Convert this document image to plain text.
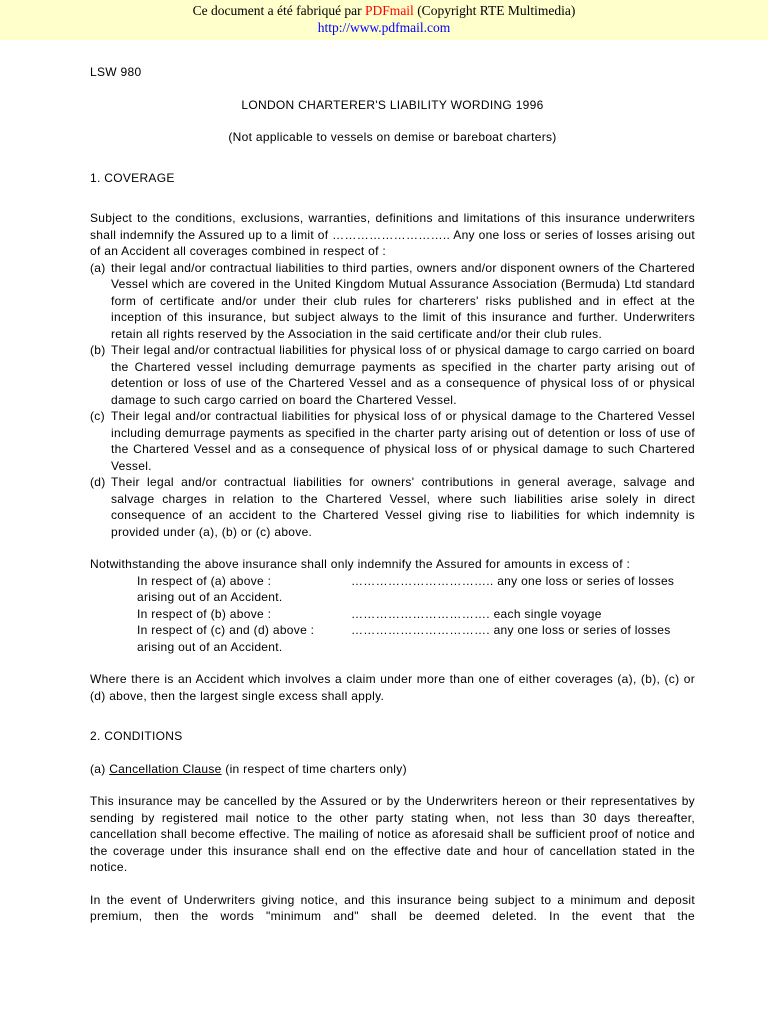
Ce document a été fabriqué par PDFmail (Copyright RTE Multimedia)
http://www.pdfmail.com

LSW 980

LONDON CHARTERER'S LIABILITY WORDING 1996

(Not applicable to vessels on demise or bareboat charters)

1. COVERAGE

Subject to the conditions, exclusions, warranties, definitions and limitations of this insurance underwriters shall indemnify the Assured up to a limit of ……………………….. Any one loss or series of losses arising out of an Accident all coverages combined in respect of :

(a) their legal and/or contractual liabilities to third parties, owners and/or disponent owners of the Chartered Vessel which are covered in the United Kingdom Mutual Assurance Association (Bermuda) Ltd standard form of certificate and/or under their club rules for charterers' risks published and in effect at the inception of this insurance, but subject always to the limit of this insurance and further. Underwriters retain all rights reserved by the Association in the said certificate and/or their club rules.
(b) Their legal and/or contractual liabilities for physical loss of or physical damage to cargo carried on board the Chartered vessel including demurrage payments as specified in the charter party arising out of detention or loss of use of the Chartered Vessel and as a consequence of physical loss of or physical damage to such cargo carried on board the Chartered Vessel.
(c) Their legal and/or contractual liabilities for physical loss of or physical damage to the Chartered Vessel including demurrage payments as specified in the charter party arising out of detention or loss of use of the Chartered Vessel and as a consequence of physical loss of or physical damage to such Chartered Vessel.
(d) Their legal and/or contractual liabilities for owners' contributions in general average, salvage and salvage charges in relation to the Chartered Vessel, where such liabilities arise solely in direct consequence of an accident to the Chartered Vessel giving rise to liabilities for which indemnity is provided under (a), (b) or (c) above.

Notwithstanding the above insurance shall only indemnify the Assured for amounts in excess of :

In respect of (a) above :	…………………………….. any one loss or series of losses

arising out of an Accident.

In respect of (b) above :	……………………………. each single voyage
In respect of (c) and (d) above :	……………………………. any one loss or series of losses

arising out of an Accident.

Where there is an Accident which involves a claim under more than one of either coverages (a), (b), (c) or (d) above, then the largest single excess shall apply.

2. CONDITIONS

(a) Cancellation Clause (in respect of time charters only)

This insurance may be cancelled by the Assured or by the Underwriters hereon or their representatives by sending by registered mail notice to the other party stating when, not less than 30 days thereafter, cancellation shall become effective. The mailing of notice as aforesaid shall be sufficient proof of notice and the coverage under this insurance shall end on the effective date and hour of cancellation stated in the notice.

In the event of Underwriters giving notice, and this insurance being subject to a minimum and deposit premium, then the words "minimum and" shall be deemed deleted. In the event that the
